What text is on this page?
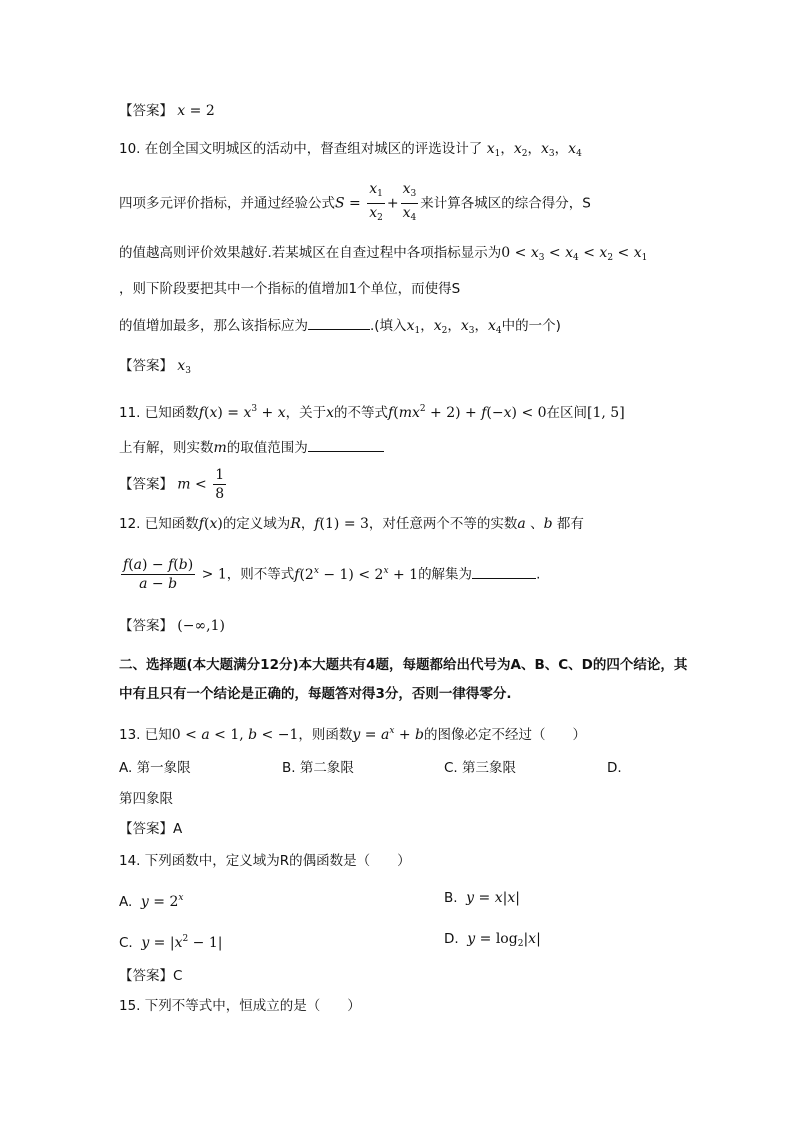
【答案】 x = 2
10. 在创全国文明城区的活动中，督查组对城区的评选设计了 $x_1$，$x_2$，$x_3$，$x_4$
四项多元评价指标，并通过经验公式$S = \frac{x_1}{x_2} + \frac{x_3}{x_4}$ 来计算各城区的综合得分，S
的值越高则评价效果越好.若某城区在自查过程中各项指标显示为$0 < x_3 < x_4 < x_2 < x_1$
，则下阶段要把其中一个指标的值增加1个单位，而使得S
的值增加最多，那么该指标应为	.(填入$x_1$，$x_2$，$x_3$，$x_4$中的一个)
【答案】 $x_3$
11. 已知函数$f(x) = x^3 + x$，关于x的不等式$f(mx^2 + 2) + f(-x) < 0$在区间[1, 5]
上有解，则实数m的取值范围为
【答案】 $m < \frac{1}{8}$
12. 已知函数f(x)的定义域为R，f(1) = 3，对任意两个不等的实数a 、b 都有
$\frac{f(a) - f(b)}{a - b} > 1$，则不等式$f(2^x - 1) < 2^x + 1$的解集为	.
【答案】 (−∞,1)
二、选择题(本大题满分12分)本大题共有4题，每题都给出代号为A、B、C、D的四个结论，其
中有且只有一个结论是正确的，每题答对得3分，否则一律得零分.
13. 已知0 < a < 1, b < −1，则函数$y = a^x + b$的图像必定不经过（　　）
A. 第一象限	B. 第二象限	C. 第三象限	D.
第四象限
【答案】A
14. 下列函数中，定义域为R的偶函数是（　　）
A. $y = 2^x$	B. y = x|x|
C. $y = |x^2 - 1|$	D. $y = \log_2|x|$
【答案】C
15. 下列不等式中，恒成立的是（　　）
